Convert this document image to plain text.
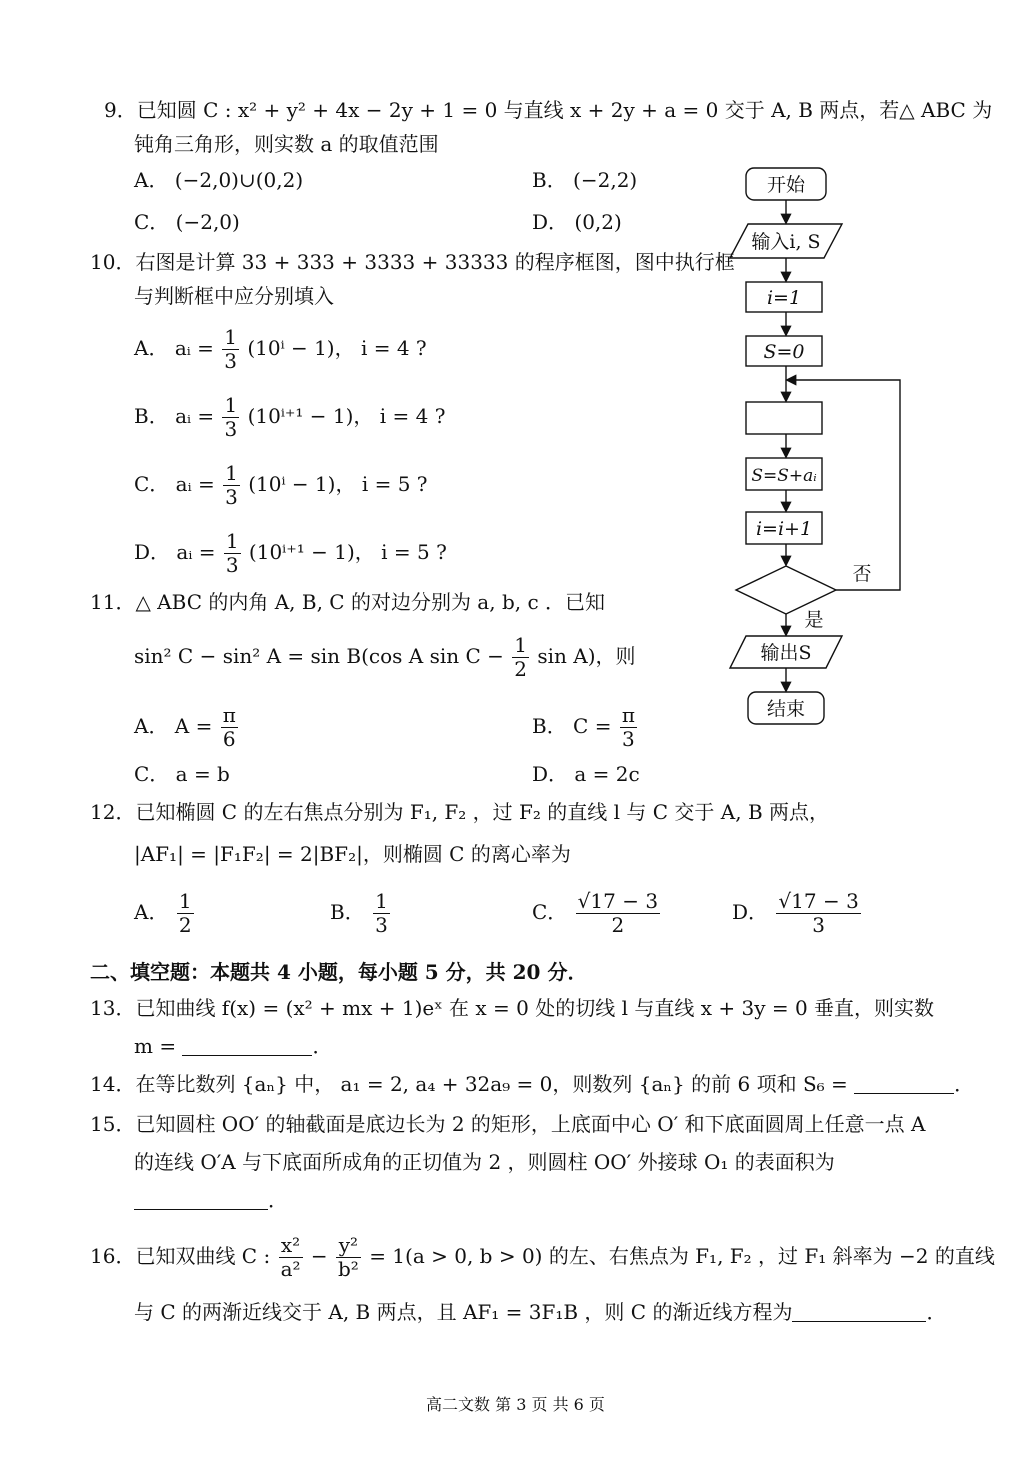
9．已知圆 C : x² + y² + 4x − 2y + 1 = 0 与直线 x + 2y + a = 0 交于 A, B 两点，若△ ABC 为
钝角三角形，则实数 a 的取值范围
A． (−2,0)∪(0,2)	B． (−2,2)
C． (−2,0)	D． (0,2)
10．右图是计算 33 + 333 + 3333 + 33333 的程序框图，图中执行框
与判断框中应分别填入
A． aᵢ = $\frac{1}{3} (10^i - 1)$， i = 4 ?
B． aᵢ = $\frac{1}{3} (10^{i+1} - 1)$， i = 4 ?
C． aᵢ = $\frac{1}{3} (10^i - 1)$， i = 5 ?
D． aᵢ = $\frac{1}{3} (10^{i+1} - 1)$， i = 5 ?
11．△ ABC 的内角 A, B, C 的对边分别为 a, b, c ．已知
sin² C − sin² A = sin B(cos A $\sin C - \frac{1}{2}$ sin A)，则
A． $A = \frac{\pi}{6}$	B． $C = \frac{\pi}{3}$
C． a = b	D． a = 2c
12．已知椭圆 C 的左右焦点分别为 F₁, F₂ ，过 F₂ 的直线 l 与 C 交于 A, B 两点，
|AF₁| = |F₁F₂| = 2|BF₂|，则椭圆 C 的离心率为
A． $\frac{1}{2}$	B． $\frac{1}{3}$	C． $\frac{√17 - 3}{2}$	D． $\frac{√17 - 3}{3}$
二、填空题：本题共 4 小题，每小题 5 分，共 20 分．
13．已知曲线 f(x) = (x² + mx + 1)eˣ 在 x = 0 处的切线 l 与直线 x + 3y = 0 垂直，则实数
m =	．
14．在等比数列 {aₙ} 中， a₁ = 2, a₄ + 32a₉ = 0，则数列 {aₙ} 的前 6 项和 S₆ =	．
15．已知圆柱 OO′ 的轴截面是底边长为 2 的矩形，上底面中心 O′ 和下底面圆周上任意一点 A
的连线 O′A 与下底面所成角的正切值为 2 ，则圆柱 OO′ 外接球 O₁ 的表面积为
．
16．已知双曲线 C : $\frac{\text{x²}}{\text{a²}} - \frac{\text{y²}}{\text{b²}} = 1(a > 0$, b > 0) 的左、右焦点为 F₁, F₂ ，过 F₁ 斜率为 −2 的直线
与 C 的两渐近线交于 A, B 两点，且 AF₁ = 3F₁B ，则 C 的渐近线方程为	．
开始
输入i, S
i=1
S=0
S=S+aᵢ
i=i+1
否
是
输出S
结束
高二文数 第 3 页 共 6 页
